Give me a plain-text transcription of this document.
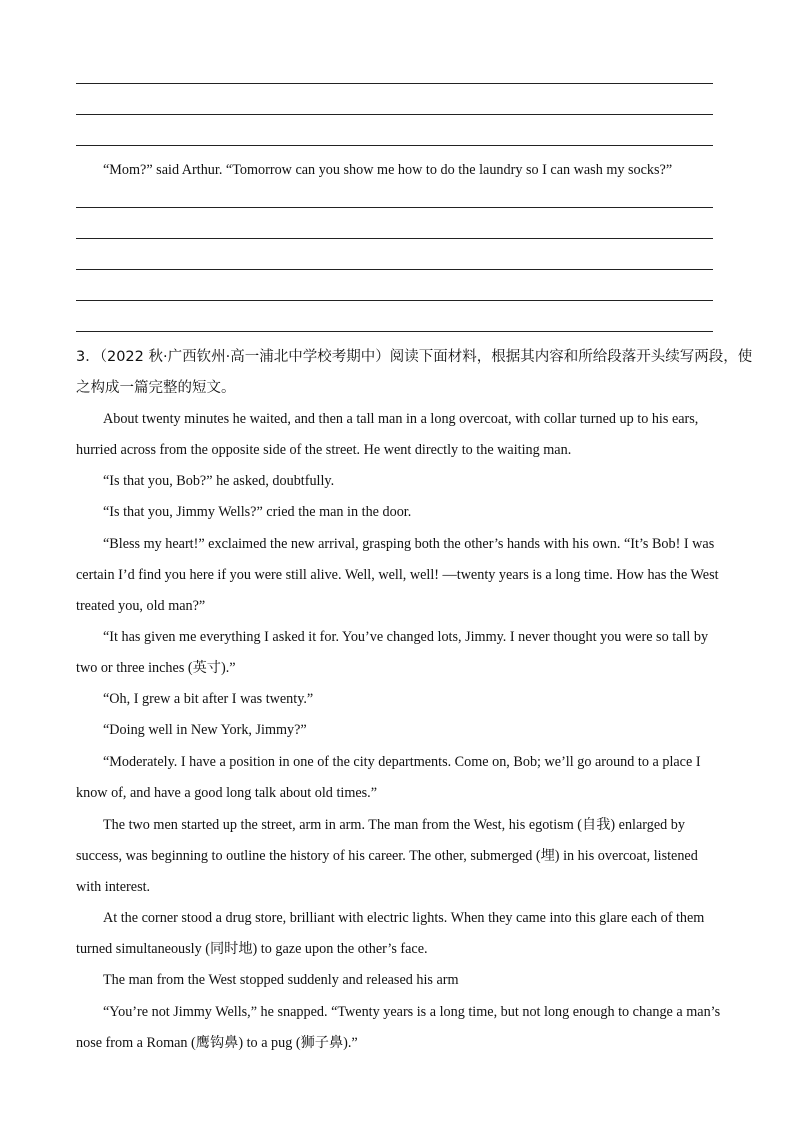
“Mom?” said Arthur. “Tomorrow can you show me how to do the laundry so I can wash my socks?”
3．（2022 秋·广西钦州·高一浦北中学校考期中）阅读下面材料，根据其内容和所给段落开头续写两段，使
之构成一篇完整的短文。
About twenty minutes he waited, and then a tall man in a long overcoat, with collar turned up to his ears,
hurried across from the opposite side of the street. He went directly to the waiting man.
“Is that you, Bob?” he asked, doubtfully.
“Is that you, Jimmy Wells?” cried the man in the door.
“Bless my heart!” exclaimed the new arrival, grasping both the other’s hands with his own. “It’s Bob! I was
certain I’d find you here if you were still alive. Well, well, well! —twenty years is a long time. How has the West
treated you, old man?”
“It has given me everything I asked it for. You’ve changed lots, Jimmy. I never thought you were so tall by
two or three inches (英寸).”
“Oh, I grew a bit after I was twenty.”
“Doing well in New York, Jimmy?”
“Moderately. I have a position in one of the city departments. Come on, Bob; we’ll go around to a place I
know of, and have a good long talk about old times.”
The two men started up the street, arm in arm. The man from the West, his egotism (自我) enlarged by
success, was beginning to outline the history of his career. The other, submerged (埋) in his overcoat, listened
with interest.
At the corner stood a drug store, brilliant with electric lights. When they came into this glare each of them
turned simultaneously (同时地) to gaze upon the other’s face.
The man from the West stopped suddenly and released his arm
“You’re not Jimmy Wells,” he snapped. “Twenty years is a long time, but not long enough to change a man’s
nose from a Roman (鹰钩鼻) to a pug (狮子鼻).”
